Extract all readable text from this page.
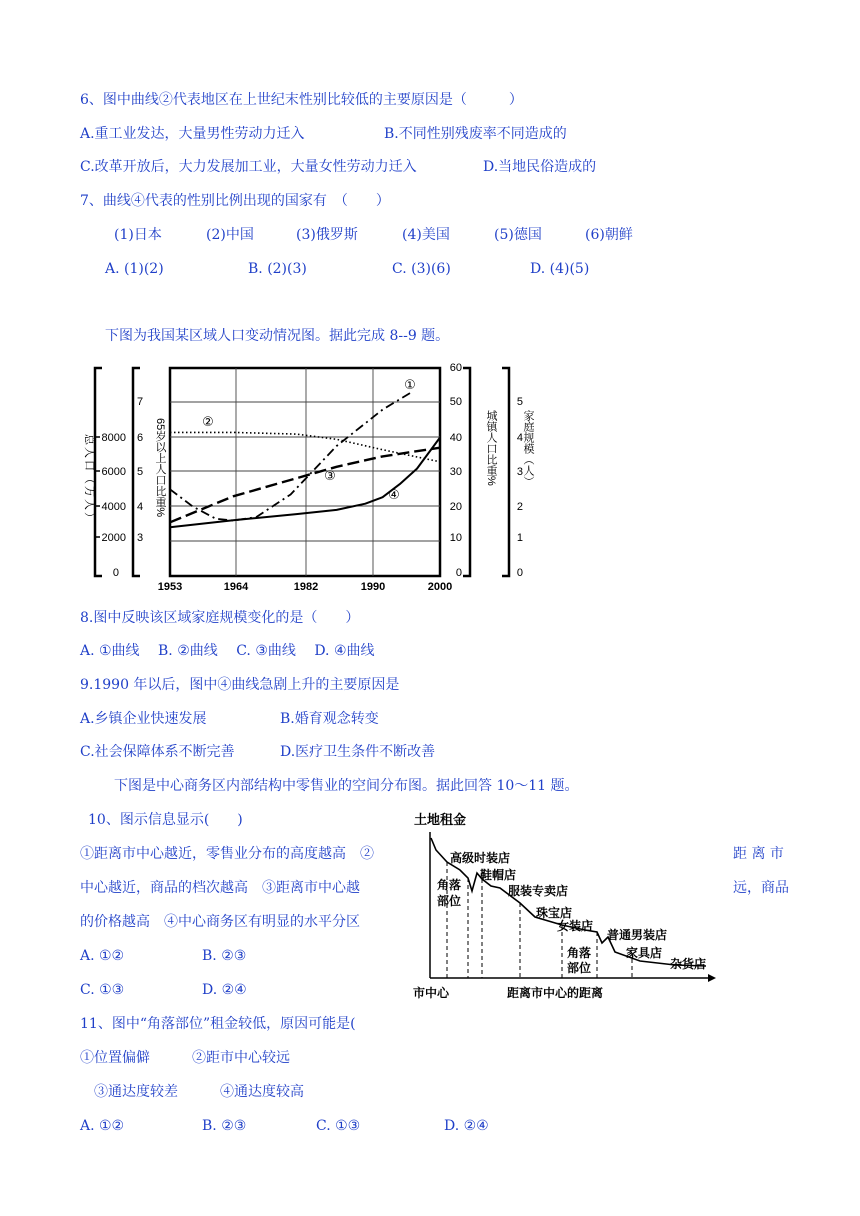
6、图中曲线②代表地区在上世纪末性别比较低的主要原因是（　　　）
A.重工业发达，大量男性劳动力迁入	B.不同性别残废率不同造成的
C.改革开放后，大力发展加工业，大量女性劳动力迁入	D.当地民俗造成的
7、曲线④代表的性别比例出现的国家有　（　　）
(1)日本	(2)中国	(3)俄罗斯	(4)美国	(5)德国	(6)朝鲜
A. (1)(2)	B. (2)(3)	C. (3)(6)	D. (4)(5)
下图为我国某区域人口变动情况图。据此完成 8--9 题。
0
2000
4000
6000
8000
3
4
5
6
7
总人口（万人）	65岁以上人口比重%
1953	1964	1982	1990	2000
0
10
20
30
40
50
60
0
1
2
3
4
5
城镇人口比重% 家庭规模（人）
①
②
③
④
8.图中反映该区域家庭规模变化的是（　　）
A. ①曲线　 B. ②曲线　 C. ③曲线　 D. ④曲线
9.1990 年以后，图中④曲线急剧上升的主要原因是
A.乡镇企业快速发展	B.婚育观念转变
C.社会保障体系不断完善	D.医疗卫生条件不断改善
下图是中心商务区内部结构中零售业的空间分布图。据此回答 10～11 题。
10、图示信息显示(　　)
①距离市中心越近，零售业分布的高度越高　②	距 离 市
中心越近，商品的档次越高　③距离市中心越	远，商品
的价格越高　④中心商务区有明显的水平分区
A. ①②	B. ②③
C. ①③	D. ②④
土地租金
高级时装店
鞋帽店
角落
部位
服装专卖店
珠宝店
女装店
角落
部位
普通男装店
家具店
杂货店
市中心	距离市中心的距离
11、图中“角落部位”租金较低，原因可能是(
①位置偏僻　　　②距市中心较远
③通达度较差　　　④通达度较高
A. ①②	B. ②③	C. ①③	D. ②④
